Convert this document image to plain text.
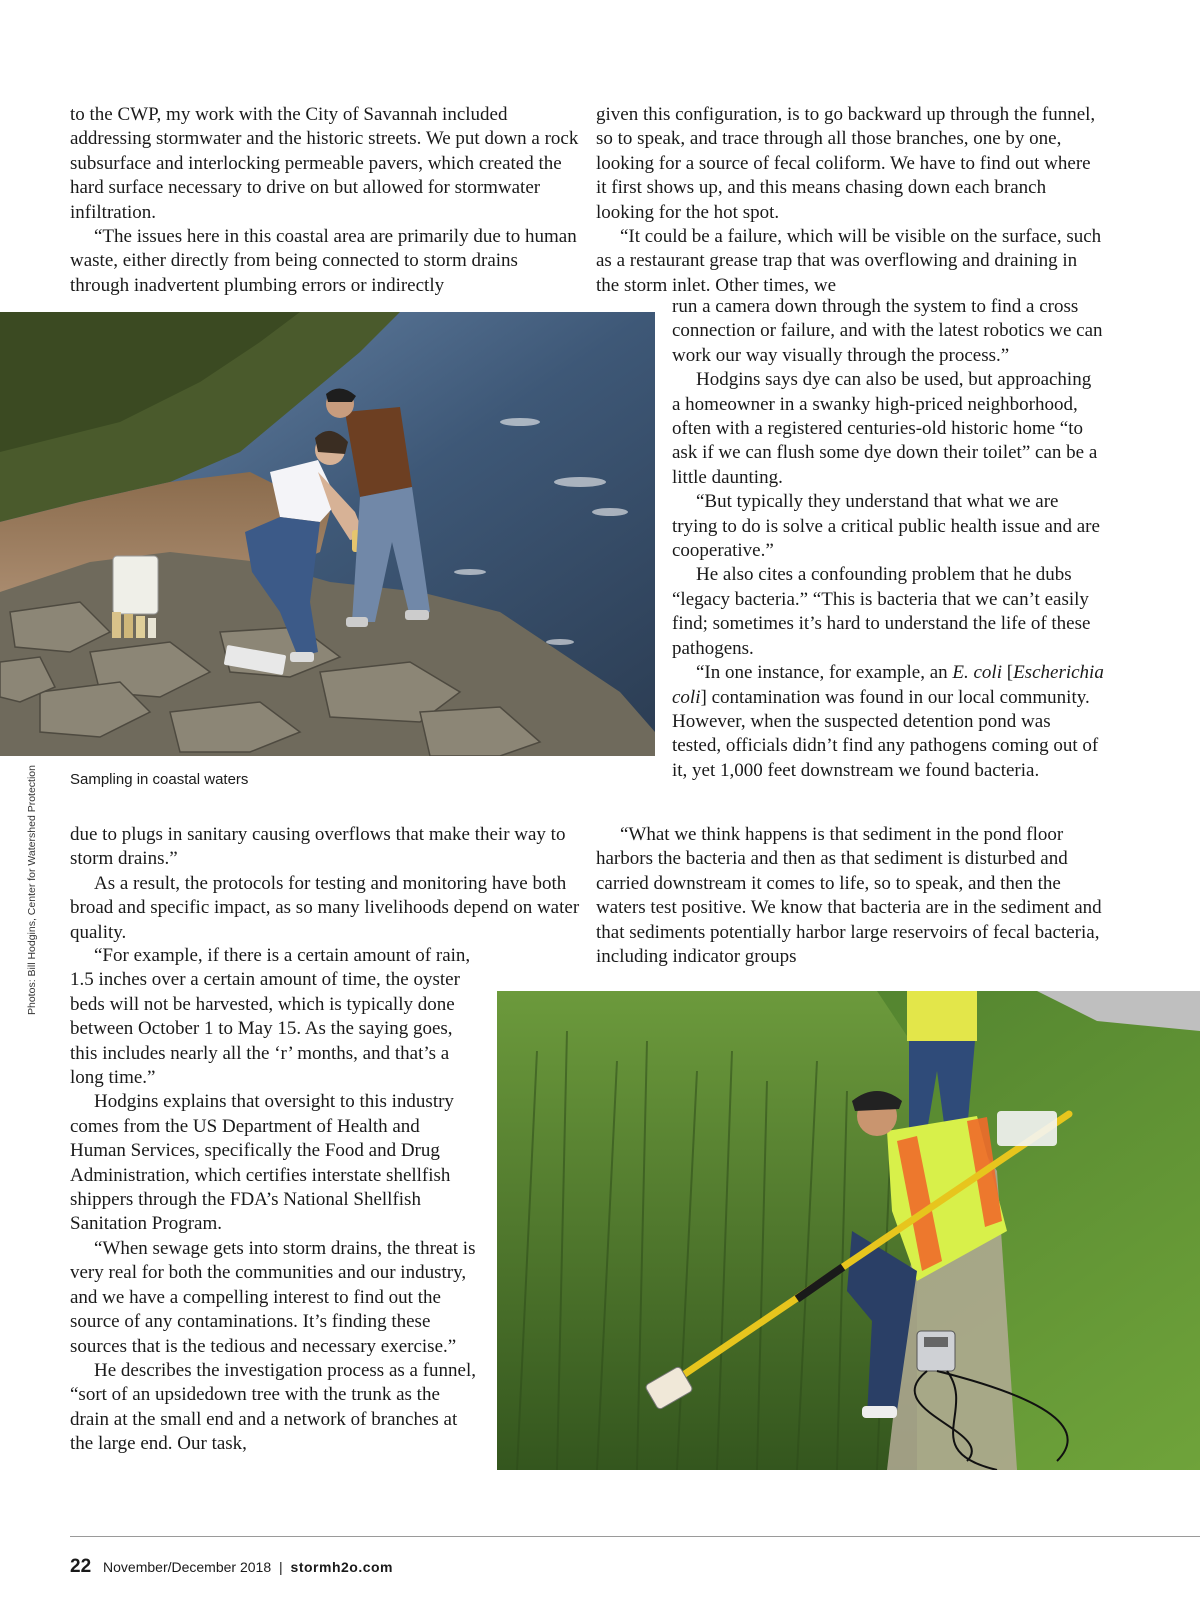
to the CWP, my work with the City of Savannah included addressing stormwater and the historic streets. We put down a rock subsurface and interlocking permeable pavers, which created the hard surface necessary to drive on but allowed for stormwater infiltration.

“The issues here in this coastal area are primarily due to human waste, either directly from being connected to storm drains through inadvertent plumbing errors or indirectly

given this configuration, is to go backward up through the funnel, so to speak, and trace through all those branches, one by one, looking for a source of fecal coliform. We have to find out where it first shows up, and this means chasing down each branch looking for the hot spot.

“It could be a failure, which will be visible on the surface, such as a restaurant grease trap that was overflowing and draining in the storm inlet. Other times, we

Photos: Bill Hodgins, Center for Watershed Protection Sampling in coastal waters

run a camera down through the system to find a cross connection or failure, and with the latest robotics we can work our way visually through the process.”

Hodgins says dye can also be used, but approaching a homeowner in a swanky high-priced neighborhood, often with a registered centuries-old historic home “to ask if we can flush some dye down their toilet” can be a little daunting.

“But typically they understand that what we are trying to do is solve a critical public health issue and are cooperative.”

He also cites a confounding problem that he dubs “legacy bacteria.” “This is bacteria that we can’t easily find; sometimes it’s hard to understand the life of these pathogens.

“In one instance, for example, an E. coli [Escherichia coli] contamination was found in our local community. However, when the suspected detention pond was tested, officials didn’t find any pathogens coming out of it, yet 1,000 feet downstream we found bacteria.

“What we think happens is that sediment in the pond floor harbors the bacteria and then as that sediment is disturbed and carried downstream it comes to life, so to speak, and then the waters test positive. We know that bacteria are in the sediment and that sediments potentially harbor large reservoirs of fecal bacteria, including indicator groups

due to plugs in sanitary causing overflows that make their way to storm drains.”

As a result, the protocols for testing and monitoring have both broad and specific impact, as so many livelihoods depend on water quality.

“For example, if there is a certain amount of rain, 1.5 inches over a certain amount of time, the oyster beds will not be harvested, which is typically done between October 1 to May 15. As the saying goes, this includes nearly all the ‘r’ months, and that’s a long time.”

Hodgins explains that oversight to this industry comes from the US Department of Health and Human Services, specifically the Food and Drug Administration, which certifies interstate shellfish shippers through the FDA’s National Shellfish Sanitation Program.

“When sewage gets into storm drains, the threat is very real for both the communities and our industry, and we have a compelling interest to find out the source of any contaminations. It’s finding these sources that is the tedious and necessary exercise.”

He describes the investigation process as a funnel, “sort of an upsidedown tree with the trunk as the drain at the small end and a network of branches at the large end. Our task,

22 November/December 2018 | stormh2o.com
